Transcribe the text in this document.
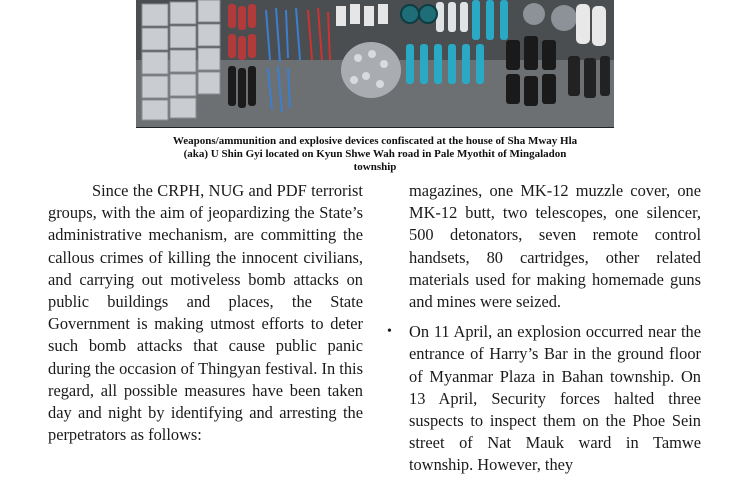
Weapons/ammunition and explosive devices confiscated at the house of Sha Mway Hla
(aka) U Shin Gyi located on Kyun Shwe Wah road in Pale Myothit of Mingaladon
township

Since the CRPH, NUG and PDF terrorist groups, with the aim of jeopardizing the State’s administrative mechanism, are committing the callous crimes of killing the innocent civilians, and carrying out motiveless bomb attacks on public buildings and places, the State Government is making utmost efforts to deter such bomb attacks that cause public panic during the occasion of Thingyan festival. In this regard, all possible measures have been taken day and night by identifying and arresting the perpetrators as follows:

magazines, one MK-12 muzzle cover, one MK-12 butt, two telescopes, one silencer, 500 detonators, seven remote control handsets, 80 cartridges, other related materials used for making homemade guns and mines were seized.

• On 11 April, an explosion occurred near the entrance of Harry’s Bar in the ground floor of Myanmar Plaza in Bahan township. On 13 April, Security forces halted three suspects to inspect them on the Phoe Sein street of Nat Mauk ward in Tamwe township. However, they
